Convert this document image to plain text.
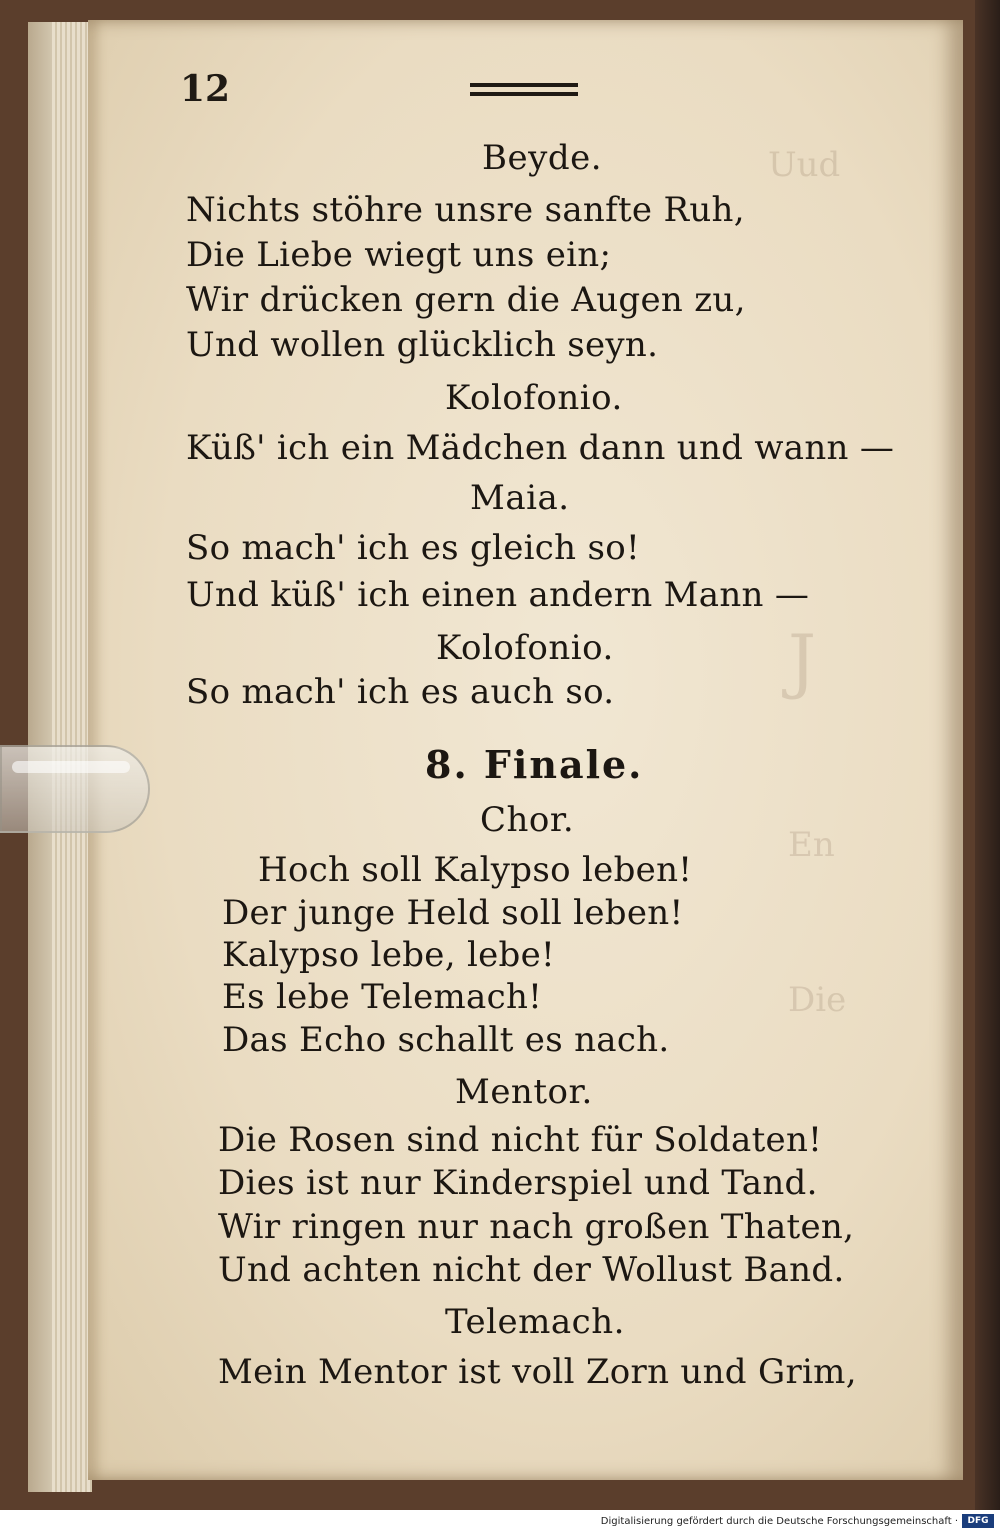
Uud
J
En
Die
12
Beyde.
Nichts stöhre unsre sanfte Ruh,
Die Liebe wiegt uns ein;
Wir drücken gern die Augen zu,
Und wollen glücklich seyn.
Kolofonio.
Küß' ich ein Mädchen dann und wann —
Maia.
So mach' ich es gleich so!
Und küß' ich einen andern Mann —
Kolofonio.
So mach' ich es auch so.
8. Finale.
Chor.
Hoch soll Kalypso leben!
Der junge Held soll leben!
Kalypso lebe, lebe!
Es lebe Telemach!
Das Echo schallt es nach.
Mentor.
Die Rosen sind nicht für Soldaten!
Dies ist nur Kinderspiel und Tand.
Wir ringen nur nach großen Thaten,
Und achten nicht der Wollust Band.
Telemach.
Mein Mentor ist voll Zorn und Grim,
Digitalisierung gefördert durch die Deutsche Forschungsgemeinschaft ·	DFG
